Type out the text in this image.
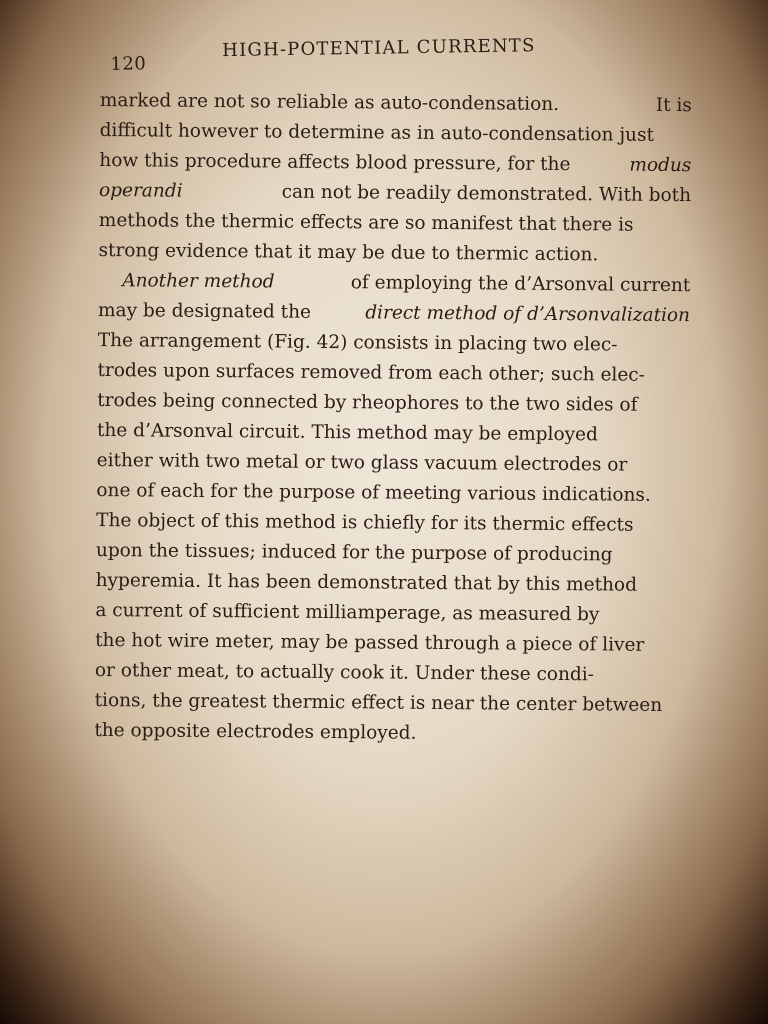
120
HIGH-POTENTIAL CURRENTS
marked are not so reliable as auto-condensation.	It is
difficult however to determine as in auto-condensation just
how this procedure affects blood pressure, for the	modus
operandi	can not be readily demonstrated. With both
methods the thermic effects are so manifest that there is
strong evidence that it may be due to thermic action.
Another method	of employing the d’Arsonval current
may be designated the	direct method of d’Arsonvalization
The arrangement (Fig. 42) consists in placing two elec-
trodes upon surfaces removed from each other; such elec-
trodes being connected by rheophores to the two sides of
the d’Arsonval circuit. This method may be employed
either with two metal or two glass vacuum electrodes or
one of each for the purpose of meeting various indications.
The object of this method is chiefly for its thermic effects
upon the tissues; induced for the purpose of producing
hyperemia. It has been demonstrated that by this method
a current of sufficient milliamperage, as measured by
the hot wire meter, may be passed through a piece of liver
or other meat, to actually cook it. Under these condi-
tions, the greatest thermic effect is near the center between
the opposite electrodes employed.
